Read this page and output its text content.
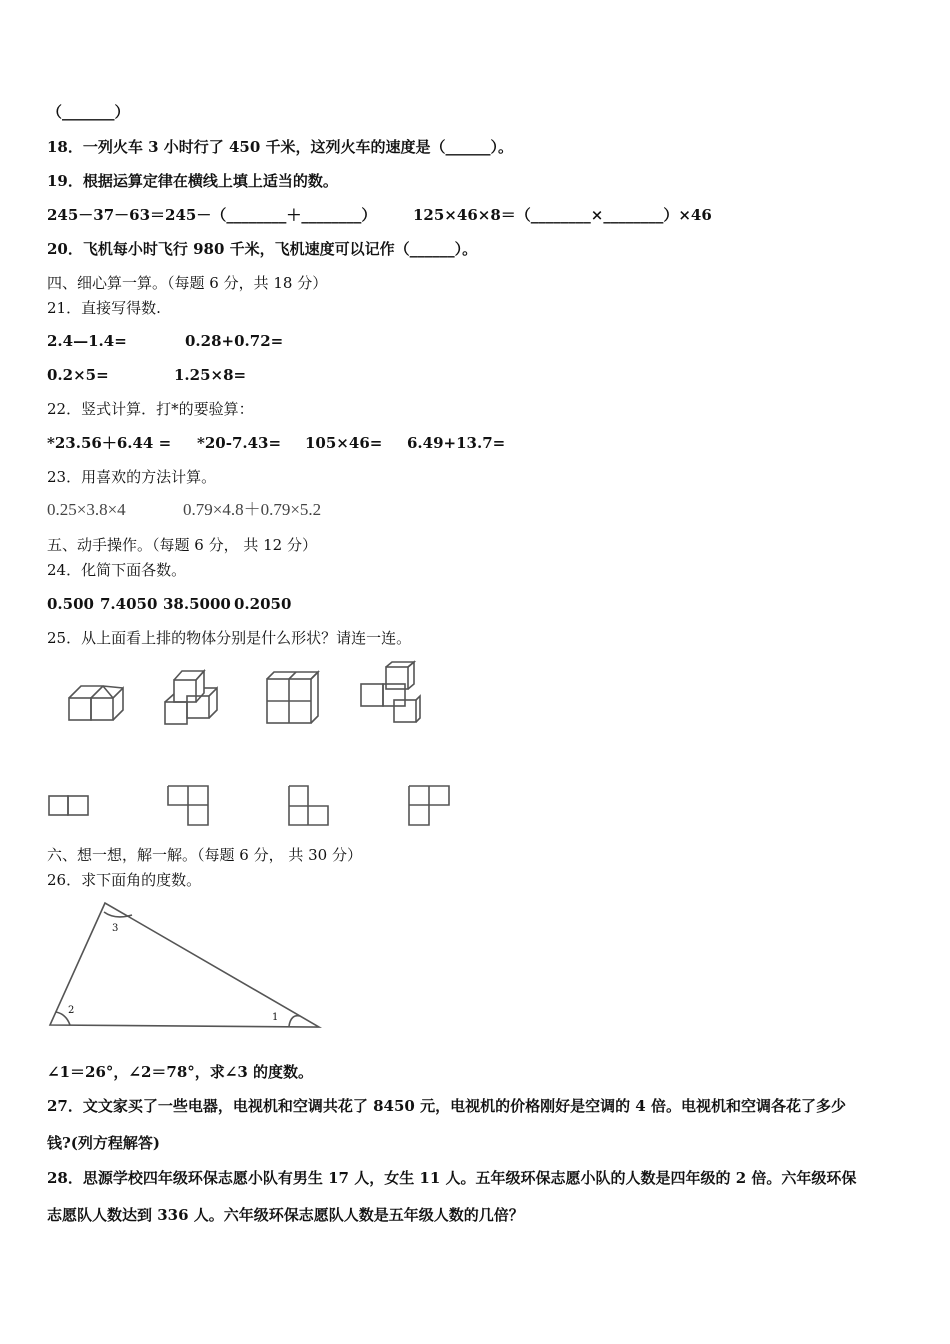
（_______）
18．一列火车 3 小时行了 450 千米，这列火车的速度是（______）。
19．根据运算定律在横线上填上适当的数。
245－37－63＝245－（________＋________） 125×46×8＝（________×________）×46
20．飞机每小时飞行 980 千米，飞机速度可以记作（______）。
四、细心算一算。（每题 6 分，共 18 分）
21．直接写得数.
2.4—1.4=	0.28+0.72=
0.2×5=	1.25×8=
22．竖式计算．打*的要验算：
*23.56＋6.44 = *20-7.43= 105×46= 6.49+13.7=
23．用喜欢的方法计算。
0.25×3.8×4	0.79×4.8＋0.79×5.2
五、动手操作。（每题 6 分， 共 12 分）
24．化简下面各数。
0.500 7.4050 38.5000 0.2050
25．从上面看上排的物体分别是什么形状？请连一连。
六、想一想，解一解。（每题 6 分， 共 30 分）
26．求下面角的度数。
3
2
1
∠1＝26°，∠2＝78°，求∠3 的度数。
27．文文家买了一些电器，电视机和空调共花了 8450 元，电视机的价格刚好是空调的 4 倍。电视机和空调各花了多少
钱?(列方程解答)
28．思源学校四年级环保志愿小队有男生 17 人，女生 11 人。五年级环保志愿小队的人数是四年级的 2 倍。六年级环保
志愿队人数达到 336 人。六年级环保志愿队人数是五年级人数的几倍？
